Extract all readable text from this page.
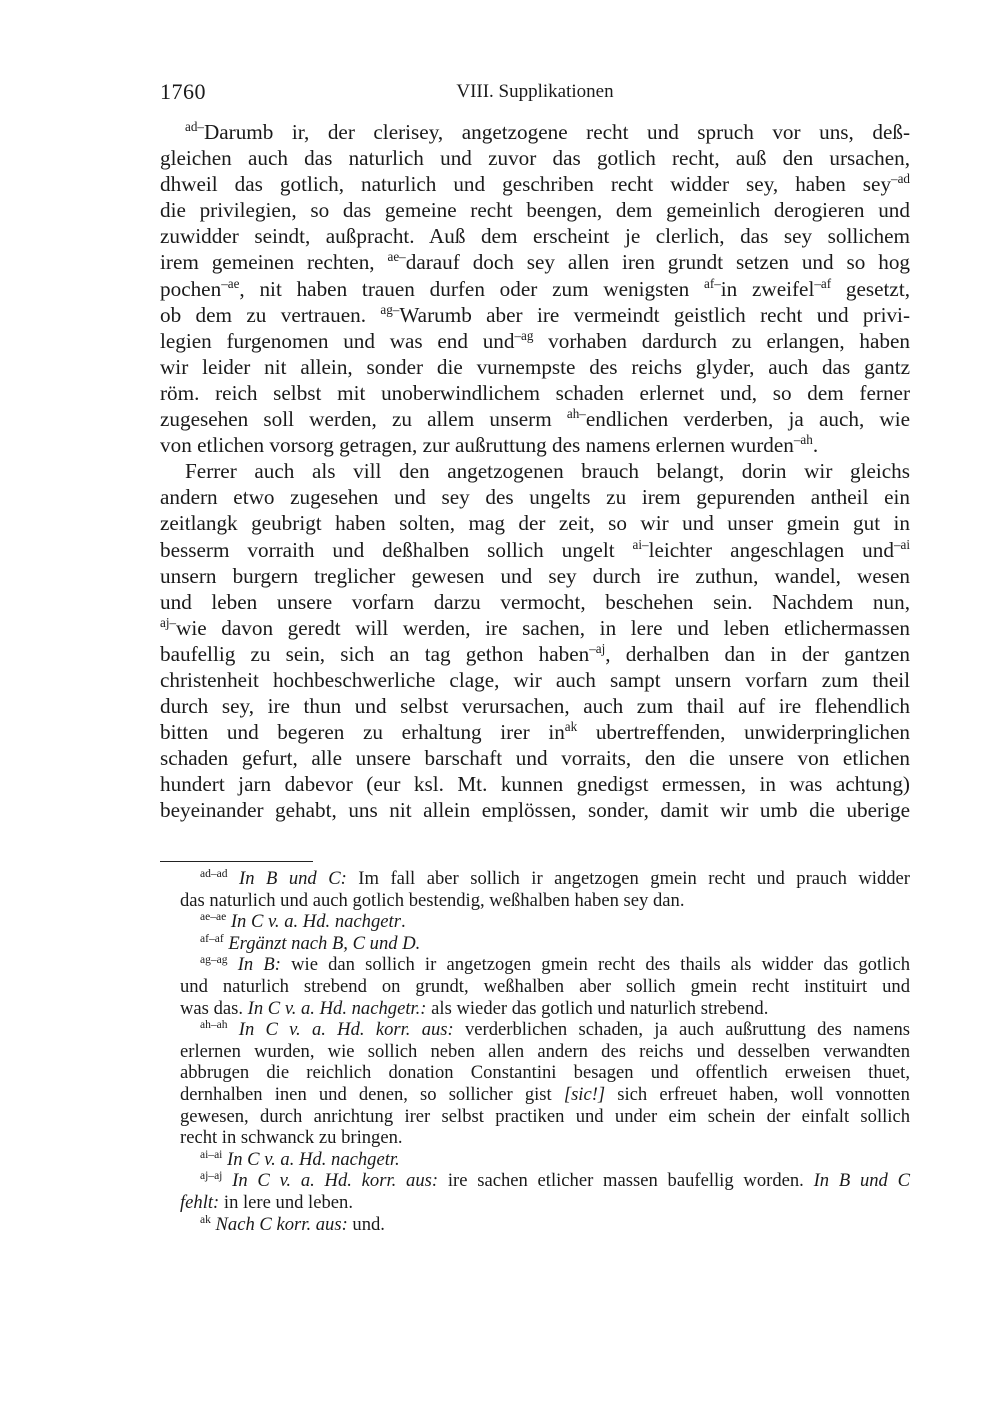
1760	VIII. Supplikationen
$^{ad-}$Darumb ir, der clerisey, angetzogene recht und spruch vor uns, deß-
gleichen auch das naturlich und zuvor das gotlich recht, auß den ursachen,
dhweil das gotlich, naturlich und geschriben recht widder sey, haben sey$^{-ad}$
die privilegien, so das gemeine recht beengen, dem gemeinlich derogieren und
zuwidder seindt, außpracht. Auß dem erscheint je clerlich, das sey sollichem
irem gemeinen rechten, $^{ae-}$darauf doch sey allen iren grundt setzen und so hog
pochen$^{-ae}$, nit haben trauen durfen oder zum wenigsten $^{af-}$in zweifel$^{-af}$ gesetzt,
ob dem zu vertrauen. $^{ag-}$Warumb aber ire vermeindt geistlich recht und privi-
legien furgenomen und was end und$^{-ag}$ vorhaben dardurch zu erlangen, haben
wir leider nit allein, sonder die vurnempste des reichs glyder, auch das gantz
röm. reich selbst mit unoberwindlichem schaden erlernet und, so dem ferner
zugesehen soll werden, zu allem unserm $^{ah-}$endlichen verderben, ja auch, wie
von etlichen vorsorg getragen, zur außruttung des namens erlernen wurden$^{-ah}$.
Ferrer auch als vill den angetzogenen brauch belangt, dorin wir gleichs
andern etwo zugesehen und sey des ungelts zu irem gepurenden antheil ein
zeitlangk geubrigt haben solten, mag der zeit, so wir und unser gmein gut in
besserm vorraith und deßhalben sollich ungelt $^{ai-}$leichter angeschlagen und$^{-ai}$
unsern burgern treglicher gewesen und sey durch ire zuthun, wandel, wesen
und leben unsere vorfarn darzu vermocht, beschehen sein. Nachdem nun,
$^{aj-}$wie davon geredt will werden, ire sachen, in lere und leben etlichermassen
baufellig zu sein, sich an tag gethon haben$^{-aj}$, derhalben dan in der gantzen
christenheit hochbeschwerliche clage, wir auch sampt unsern vorfarn zum theil
durch sey, ire thun und selbst verursachen, auch zum thail auf ire flehendlich
bitten und begeren zu erhaltung irer $in^{ak}$ ubertreffenden, unwiderpringlichen
schaden gefurt, alle unsere barschaft und vorraits, den die unsere von etlichen
hundert jarn dabevor (eur ksl. Mt. kunnen gnedigst ermessen, in was achtung)
beyeinander gehabt, uns nit allein emplössen, sonder, damit wir umb die uberige
$^{ad-ad}$ In B und C: Im fall aber sollich ir angetzogen gmein recht und prauch widder
das naturlich und auch gotlich bestendig, weßhalben haben sey dan.
$^{ae-ae}$ In C v. a. Hd. nachgetr.
$^{af-af}$ Ergänzt nach B, C und D.
$^{ag-ag}$ In B: wie dan sollich ir angetzogen gmein recht des thails als widder das gotlich
und naturlich strebend on grundt, weßhalben aber sollich gmein recht instituirt und
was das. In C v. a. Hd. nachgetr.: als wieder das gotlich und naturlich strebend.
$^{ah-ah}$ In C v. a. Hd. korr. aus: verderblichen schaden, ja auch außruttung des namens
erlernen wurden, wie sollich neben allen andern des reichs und desselben verwandten
abbrugen die reichlich donation Constantini besagen und offentlich erweisen thuet,
dernhalben inen und denen, so sollicher gist [sic!] sich erfreuet haben, woll vonnotten
gewesen, durch anrichtung irer selbst practiken und under eim schein der einfalt sollich
recht in schwanck zu bringen.
$^{ai-ai}$ In C v. a. Hd. nachgetr.
$^{aj-aj}$ In C v. a. Hd. korr. aus: ire sachen etlicher massen baufellig worden. In B und C
fehlt: in lere und leben.
$^{ak}$ Nach C korr. aus: und.
